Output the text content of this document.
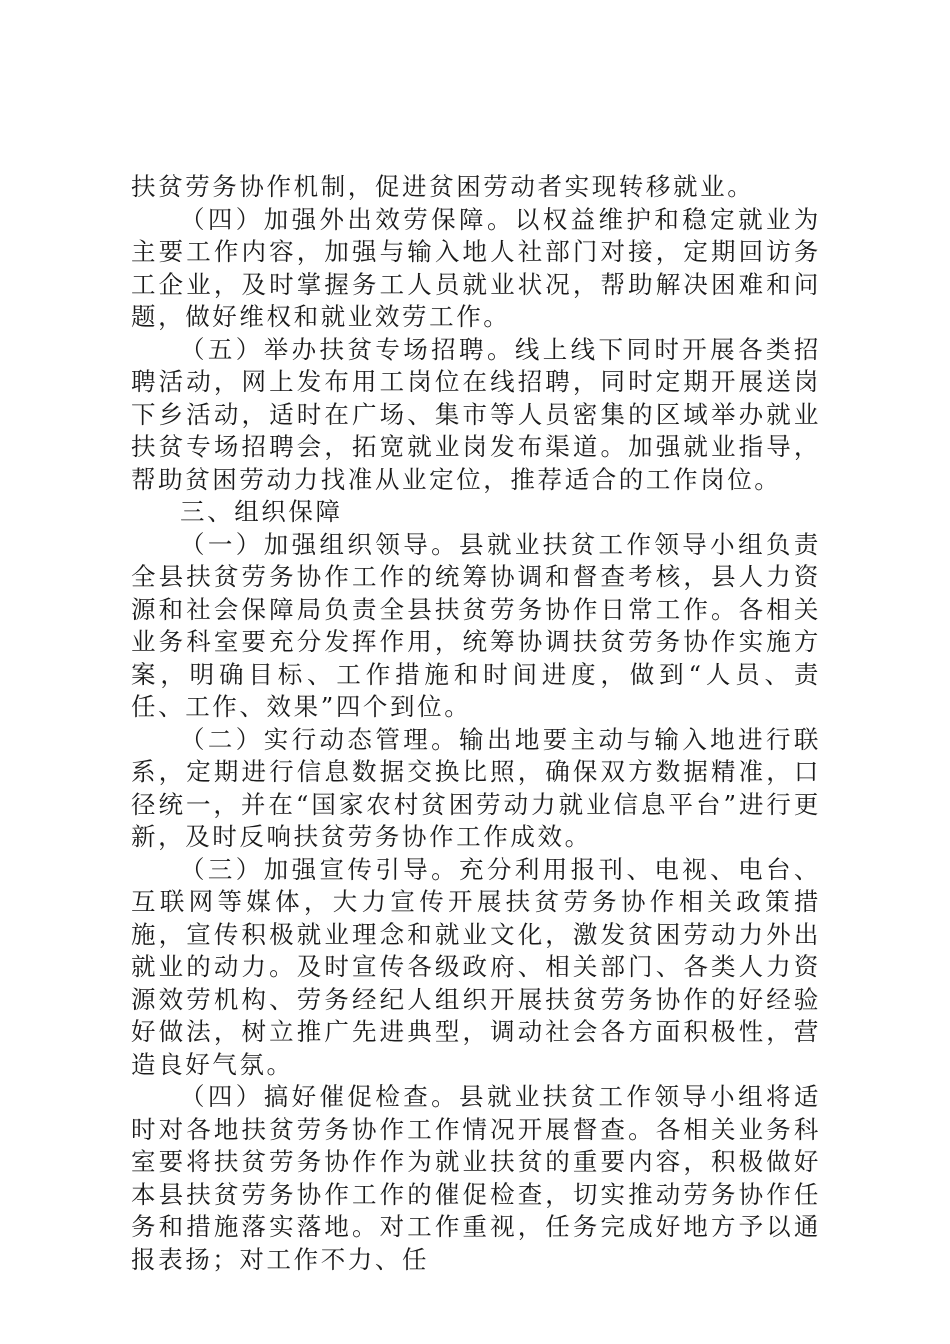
扶贫劳务协作机制，促进贫困劳动者实现转移就业。

（四）加强外出效劳保障。以权益维护和稳定就业为主要工作内容，加强与输入地人社部门对接，定期回访务工企业，及时掌握务工人员就业状况，帮助解决困难和问题，做好维权和就业效劳工作。

（五）举办扶贫专场招聘。线上线下同时开展各类招聘活动，网上发布用工岗位在线招聘，同时定期开展送岗下乡活动，适时在广场、集市等人员密集的区域举办就业扶贫专场招聘会，拓宽就业岗发布渠道。加强就业指导，帮助贫困劳动力找准从业定位，推荐适合的工作岗位。

三、组织保障

（一）加强组织领导。县就业扶贫工作领导小组负责全县扶贫劳务协作工作的统筹协调和督查考核，县人力资源和社会保障局负责全县扶贫劳务协作日常工作。各相关业务科室要充分发挥作用，统筹协调扶贫劳务协作实施方案，明确目标、工作措施和时间进度，做到“人员、责任、工作、效果”四个到位。

（二）实行动态管理。输出地要主动与输入地进行联系，定期进行信息数据交换比照，确保双方数据精准，口径统一，并在“国家农村贫困劳动力就业信息平台”进行更新，及时反响扶贫劳务协作工作成效。

（三）加强宣传引导。充分利用报刊、电视、电台、互联网等媒体，大力宣传开展扶贫劳务协作相关政策措施，宣传积极就业理念和就业文化，激发贫困劳动力外出就业的动力。及时宣传各级政府、相关部门、各类人力资源效劳机构、劳务经纪人组织开展扶贫劳务协作的好经验好做法，树立推广先进典型，调动社会各方面积极性，营造良好气氛。

（四）搞好催促检查。县就业扶贫工作领导小组将适时对各地扶贫劳务协作工作情况开展督查。各相关业务科室要将扶贫劳务协作作为就业扶贫的重要内容，积极做好本县扶贫劳务协作工作的催促检查，切实推动劳务协作任务和措施落实落地。对工作重视，任务完成好地方予以通报表扬；对工作不力、任
